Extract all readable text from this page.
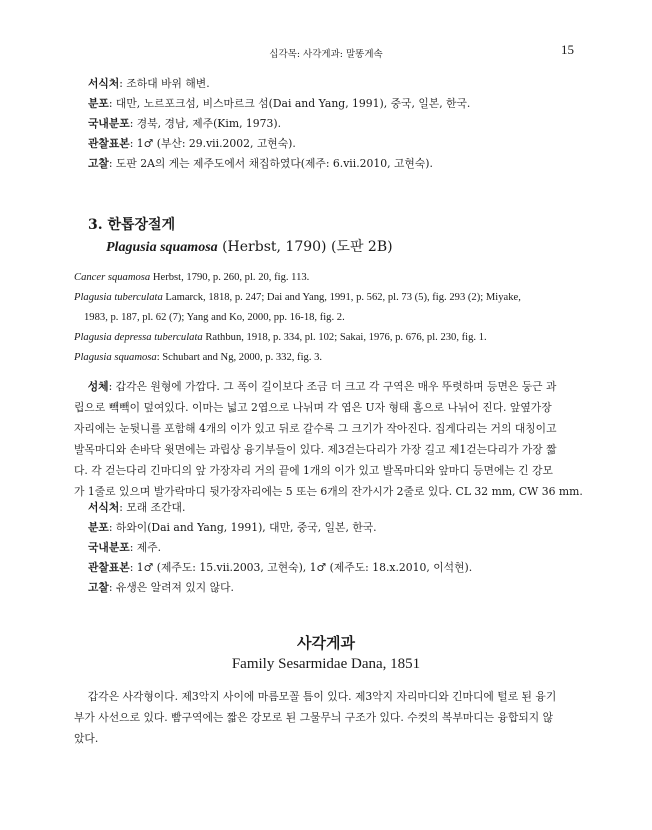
십각목: 사각게과: 말똥게속	15
서식처: 조하대 바위 해변.
분포: 대만, 노르포크섬, 비스마르크 섬(Dai and Yang, 1991), 중국, 일본, 한국.
국내분포: 경북, 경남, 제주(Kim, 1973).
관찰표본: 1♂ (부산: 29.vii.2002, 고현숙).
고찰: 도판 2A의 게는 제주도에서 채집하였다(제주: 6.vii.2010, 고현숙).
3. 한톱장절게
Plagusia squamosa (Herbst, 1790) (도판 2B)
Cancer squamosa Herbst, 1790, p. 260, pl. 20, fig. 113.
Plagusia tuberculata Lamarck, 1818, p. 247; Dai and Yang, 1991, p. 562, pl. 73 (5), fig. 293 (2); Miyake,
1983, p. 187, pl. 62 (7); Yang and Ko, 2000, pp. 16-18, fig. 2.
Plagusia depressa tuberculata Rathbun, 1918, p. 334, pl. 102; Sakai, 1976, p. 676, pl. 230, fig. 1.
Plagusia squamosa: Schubart and Ng, 2000, p. 332, fig. 3.

성체: 갑각은 원형에 가깝다. 그 폭이 길이보다 조금 더 크고 각 구역은 매우 뚜렷하며 등면은 둥근 과

립으로 빽빽이 덮여있다. 이마는 넓고 2엽으로 나뉘며 각 엽은 U자 형태 홈으로 나뉘어 진다. 앞옆가장

자리에는 눈뒷니를 포함해 4개의 이가 있고 뒤로 갈수록 그 크기가 작아진다. 집게다리는 거의 대칭이고

발목마디와 손바닥 윗면에는 과립상 융기부들이 있다. 제3걷는다리가 가장 길고 제1걷는다리가 가장 짧

다. 각 걷는다리 긴마디의 앞 가장자리 거의 끝에 1개의 이가 있고 발목마디와 앞마디 등면에는 긴 강모

가 1줄로 있으며 발가락마디 뒷가장자리에는 5 또는 6개의 잔가시가 2줄로 있다. CL 32 mm, CW 36 mm.

서식처: 모래 조간대.
분포: 하와이(Dai and Yang, 1991), 대만, 중국, 일본, 한국.
국내분포: 제주.
관찰표본: 1♂ (제주도: 15.vii.2003, 고현숙), 1♂ (제주도: 18.x.2010, 이석현).
고찰: 유생은 알려져 있지 않다.
사각게과
Family Sesarmidae Dana, 1851

갑각은 사각형이다. 제3악지 사이에 마름모꼴 틈이 있다. 제3악지 자리마디와 긴마디에 털로 된 융기

부가 사선으로 있다. 빰구역에는 짧은 강모로 된 그물무늬 구조가 있다. 수컷의 복부마디는 융합되지 않

았다.
